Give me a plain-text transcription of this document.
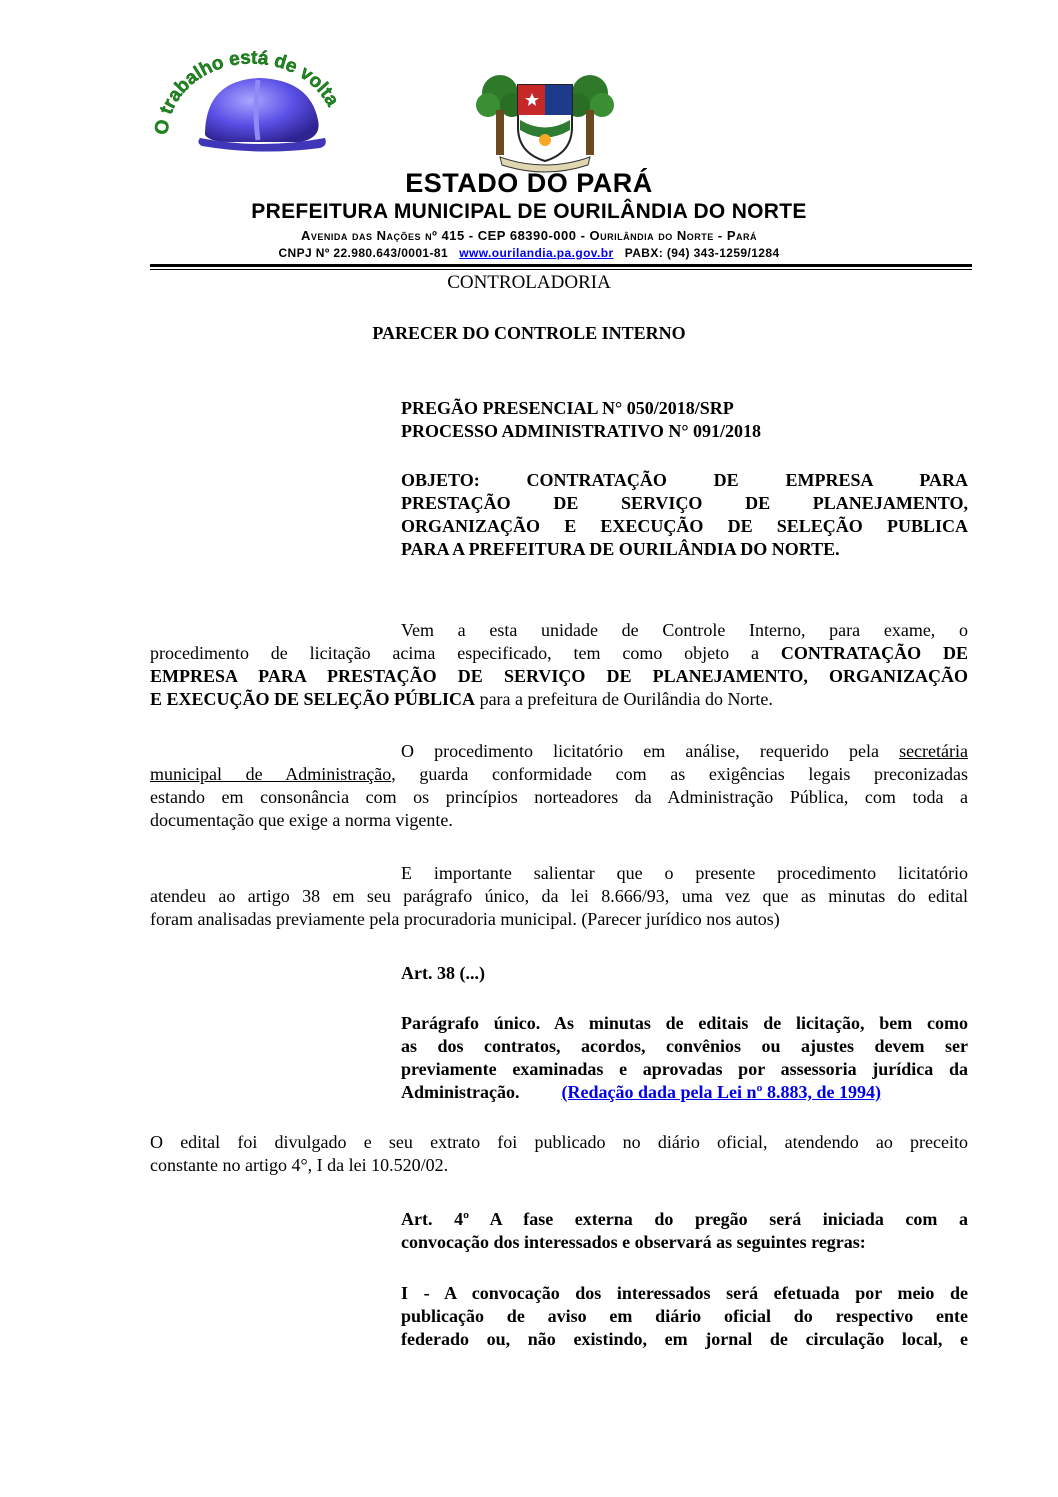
O trabalho está de volta
ESTADO DO PARÁ
PREFEITURA MUNICIPAL DE OURILÂNDIA DO NORTE
Avenida das Nações nº 415 - CEP 68390-000 - Ourilândia do Norte - Pará
CNPJ Nº 22.980.643/0001-81 www.ourilandia.pa.gov.br PABX: (94) 343-1259/1284
CONTROLADORIA
PARECER DO CONTROLE INTERNO
PREGÃO PRESENCIAL N° 050/2018/SRP
PROCESSO ADMINISTRATIVO N° 091/2018
OBJETO: CONTRATAÇÃO DE EMPRESA PARA
PRESTAÇÃO DE SERVIÇO DE PLANEJAMENTO,
ORGANIZAÇÃO E EXECUÇÃO DE SELEÇÃO PUBLICA
PARA A PREFEITURA DE OURILÂNDIA DO NORTE.
Vem a esta unidade de Controle Interno, para exame, o
procedimento de licitação acima especificado, tem como objeto a CONTRATAÇÃO DE
EMPRESA PARA PRESTAÇÃO DE SERVIÇO DE PLANEJAMENTO, ORGANIZAÇÃO
E EXECUÇÃO DE SELEÇÃO PÚBLICA para a prefeitura de Ourilândia do Norte.
O procedimento licitatório em análise, requerido pela secretária
municipal de Administração, guarda conformidade com as exigências legais preconizadas
estando em consonância com os princípios norteadores da Administração Pública, com toda a
documentação que exige a norma vigente.
E importante salientar que o presente procedimento licitatório
atendeu ao artigo 38 em seu parágrafo único, da lei 8.666/93, uma vez que as minutas do edital
foram analisadas previamente pela procuradoria municipal. (Parecer jurídico nos autos)
Art. 38 (...)
Parágrafo único. As minutas de editais de licitação, bem como
as dos contratos, acordos, convênios ou ajustes devem ser
previamente examinadas e aprovadas por assessoria jurídica da
Administração. (Redação dada pela Lei nº 8.883, de 1994)
O edital foi divulgado e seu extrato foi publicado no diário oficial, atendendo ao preceito
constante no artigo 4°, I da lei 10.520/02.
Art. 4º A fase externa do pregão será iniciada com a
convocação dos interessados e observará as seguintes regras:
I - A convocação dos interessados será efetuada por meio de
publicação de aviso em diário oficial do respectivo ente
federado ou, não existindo, em jornal de circulação local, e
